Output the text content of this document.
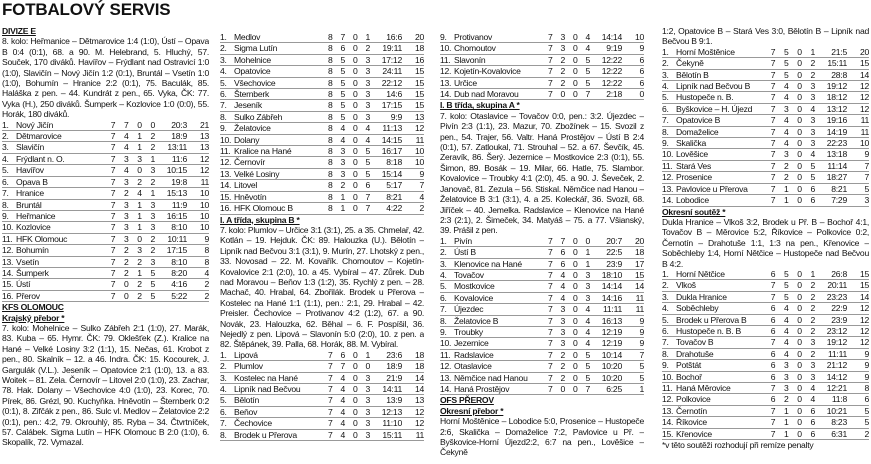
FOTBALOVÝ SERVIS
DIVIZE E
8. kolo: Heřmanice – Dětmarovice 1:4 (1:0), Ústí – Opava B 0:4 (0:1), 68. a 90. M. Helebrand, 5. Hluchý, 57. Souček, 170 diváků. Havířov – Frýdlant nad Ostravicí 1:0 (1:0), Slavičín – Nový Jičín 1:2 (0:1), Bruntál – Vsetín 1:0 (1:0), Bohumín – Hranice 2:2 (0:1), 75. Baculák, 85. Haláška z pen. – 44. Kundrát z pen., 65. Vyka, ČK: 77. Vyka (H.), 250 diváků. Šumperk – Kozlovice 1:0 (0:0), 55. Horák, 180 diváků.
1.	Nový Jičín	7	7	0	0	20:3	21
2.	Dětmarovice	7	4	1	2	18:9	13
3.	Slavičín	7	4	1	2	13:11	13
4.	Frýdlant n. O.	7	3	3	1	11:6	12
5.	Havířov	7	4	0	3	10:15	12
6.	Opava B	7	3	2	2	19:8	11
7.	Hranice	7	2	4	1	15:13	10
8.	Bruntál	7	3	1	3	11:9	10
9.	Heřmanice	7	3	1	3	16:15	10
10.	Kozlovice	7	3	1	3	8:10	10
11.	HFK Olomouc	7	3	0	2	10:11	9
12.	Bohumín	7	2	3	2	17:15	8
13.	Vsetín	7	2	2	3	8:10	8
14.	Šumperk	7	2	1	5	8:20	4
15.	Ústí	7	0	2	5	4:16	2
16.	Přerov	7	0	2	5	5:22	2
KFS OLOMOUC
Krajský přebor *
7. kolo: Mohelnice – Sulko Zábřeh 2:1 (1:0), 27. Marák, 83. Kuba – 65. Hymr. ČK: 79. Oklešťek (Z.). Kralice na Hané – Velké Losiny 3:2 (1:1), 15. Nečas, 61. Krobot z pen., 80. Skalník – 12. a 46. Indra. ČK: 15. Kocourek, J. Gargulák (V.L.). Jeseník – Opatovice 2:1 (1:0), 13. a 83. Woitek – 81. Zela. Černovír – Litovel 2:0 (1:0), 23. Zachar, 78. Hak. Dolany – Všechovice 4:0 (1:0), 23. Korec, 70. Pírek, 86. Grézl, 90. Kuchyňka. Hněvotín – Šternberk 0:2 (0:1), 8. Zifčák z pen., 86. Sulc vl. Medlov – Želatovice 2:2 (0:1), pen.: 4:2, 79. Okrouhlý, 85. Ryba – 34. Čtvrtníček, 57. Calábek. Sigma Lutín – HFK Olomouc B 2:0 (1:0), 6. Skopalík, 72. Vymazal.
1.	Medlov	8	7	0	1	16:6	20
2.	Sigma Lutín	8	6	0	2	19:11	18
3.	Mohelnice	8	5	0	3	17:12	16
4.	Opatovice	8	5	0	3	24:11	15
5.	Všechovice	8	5	0	3	22:12	15
6.	Šternberk	8	5	0	3	14:6	15
7.	Jeseník	8	5	0	3	17:15	15
8.	Sulko Zábřeh	8	5	0	3	9:9	13
9.	Želatovice	8	4	0	4	11:13	12
10.	Dolany	8	4	0	4	14:15	11
11.	Kralice na Hané	8	3	0	5	16:17	10
12.	Černovír	8	3	0	5	8:18	10
13.	Velké Losiny	8	3	0	5	15:14	9
14.	Litovel	8	2	0	6	5:17	7
15.	Hněvotín	8	1	0	7	8:21	4
16.	HFK Olomouc B	8	1	0	7	4:22	2
I. A třída, skupina B *
7. kolo: Plumlov – Určice 3:1 (3:1), 25. a 35. Chmelař, 42. Kotlán – 19. Hejduk. ČK: 89. Halouzka (U.). Bělotín – Lipník nad Bečvou 3:1 (3:1), 9. Murín, 27. Lhotský z pen., 33. Novosad – 22. M. Kovařík. Chomoutov – Kojetín-Kovalovice 2:1 (2:0), 10. a 45. Vybíral – 47. Zůrek. Dub nad Moravou – Beňov 1:3 (1:2), 35. Rychlý z pen. – 28. Machač, 40. Hrabal, 64. Zbořilák. Brodek u Přerova – Kostelec na Hané 1:1 (1:1), pen.: 2:1, 29. Hrabal – 42. Preisler. Čechovice – Protivanov 4:2 (1:2), 67. a 90. Novák, 23. Halouzka, 62. Běhal – 6. F. Pospíšil, 36. Nejedlý z pen. Lipová – Slavonín 5:0 (2:0), 10. z pen. a 82. Štěpánek, 39. Palla, 68. Horák, 88. M. Vybíral.
1.	Lipová	7	6	0	1	23:6	18
2.	Plumlov	7	7	0	0	18:9	18
3.	Kostelec na Hané	7	4	0	3	21:9	14
4.	Lipník nad Bečvou	7	4	0	3	14:11	14
5.	Bělotín	7	4	0	3	13:9	13
6.	Beňov	7	4	0	3	12:13	12
7.	Čechovice	7	4	0	3	11:10	12
8.	Brodek u Přerova	7	4	0	3	15:11	11
9.	Protivanov	7	3	0	4	14:14	10
10.	Chomoutov	7	3	0	4	9:19	9
11.	Slavonín	7	2	0	5	12:22	6
12.	Kojetín-Kovalovice	7	2	0	5	12:22	6
13.	Určice	7	2	0	5	12:22	6
14.	Dub nad Moravou	7	0	0	7	2:18	0
I. B třída, skupina A *
7. kolo: Otaslavice – Tovačov 0:0, pen.: 3:2. Újezdec – Pivín 2:3 (1:1), 23. Mazur, 70. Zbožínek – 15. Svozil z pen., 54. Trajer, 56. Valtr. Haná Prostějov – Ústí B 2:4 (0:1), 57. Zatloukal, 71. Strouhal – 52. a 67. Ševčík, 45. Zeravík, 86. Šerý. Jezernice – Mostkovice 2:3 (0:1), 55. Šimon, 89. Bosák – 19. Milar, 66. Hatle, 75. Slambor. Kovalovice – Troubky 4:1 (2:0), 45. a 90. J. Ševeček, 2. Janovač, 81. Zezula – 56. Stiskal. Němčice nad Hanou – Želatovice B 3:1 (3:1), 4. a 25. Koleckář, 36. Svozil, 68. Jiříček – 40. Jemelka. Radslavice – Klenovice na Hané 2:3 (2:1), 2. Šimeček, 34. Matyáš – 75. a 77. Všianský, 39. Prášil z pen.
1.	Pivín	7	7	0	0	20:7	20
2.	Ústí B	7	6	0	1	22:5	18
3.	Klenovice na Hané	7	6	0	1	23:9	17
4.	Tovačov	7	4	0	3	18:10	15
5.	Mostkovice	7	4	0	3	14:14	14
6.	Kovalovice	7	4	0	3	14:16	11
7.	Újezdec	7	3	0	4	11:11	11
8.	Želatovice B	7	3	0	4	16:13	9
9.	Troubky	7	3	0	4	12:19	9
10.	Jezernice	7	3	0	4	12:19	9
11.	Radslavice	7	2	0	5	10:14	7
12.	Otaslavice	7	2	0	5	10:20	5
13.	Němčice nad Hanou	7	2	0	5	10:20	5
14.	Haná Prostějov	7	0	0	7	6:25	1
OFS PŘEROV
Okresní přebor *
Horní Moštěnice – Lobodice 5:0, Prosenice – Hustopeče 2:6, Skalička – Domaželice 7:2, Pavlovice u Př. – Byškovice-Horní Újezd2:2, 6:7 na pen., Lověšice – Čekyně
1:2, Opatovice B – Stará Ves 3:0, Bělotín B – Lipník nad Bečvou B 9:1.
1.	Horní Moštěnice	7	5	0	1	21:5	20
2.	Čekyně	7	5	0	2	15:11	15
3.	Bělotín B	7	5	0	2	28:8	14
4.	Lipník nad Bečvou B	7	4	0	3	19:12	12
5.	Hustopeče n. B.	7	4	0	3	18:12	12
6.	Byškovice – H. Újezd	7	3	0	4	13:12	12
7.	Opatovice B	7	4	0	3	19:16	11
8.	Domaželice	7	4	0	3	14:19	11
9.	Skalička	7	4	0	3	22:23	10
10.	Lověšice	7	3	0	4	13:18	9
11.	Stará Ves	7	2	0	5	11:14	7
12.	Prosenice	7	2	0	5	18:27	7
13.	Pavlovice u Přerova	7	1	0	6	8:21	5
14.	Lobodice	7	1	0	6	7:29	3
Okresní soutěž *
Dukla Hranice – Vlkoš 3:2, Brodek u Př. B – Bochoř 4:1, Tovačov B – Měrovice 5:2, Říkovice – Polkovice 0:2, Černotín – Drahotuše 1:1, 1:3 na pen., Křenovice – Soběchleby 1:4, Horní Nětčice – Hustopeče nad Bečvou B 4:2.
1.	Horní Nětčice	6	5	0	1	26:8	15
2.	Vlkoš	7	5	0	2	20:11	15
3.	Dukla Hranice	7	5	0	2	23:23	14
4.	Soběchleby	6	4	0	2	22:9	12
5.	Brodek u Přerova B	6	4	0	2	23:9	12
6.	Hustopeče n. B. B	6	4	0	2	23:12	12
7.	Tovačov B	7	4	0	3	19:12	12
8.	Drahotuše	6	4	0	2	11:11	9
9.	Potštát	6	3	0	3	21:12	9
10.	Bochoř	6	3	0	3	14:12	9
11.	Haná Měrovice	7	3	0	4	12:21	8
12.	Polkovice	6	2	0	4	11:8	6
13.	Černotín	7	1	0	6	10:21	5
14.	Říkovice	7	1	0	6	8:23	5
15.	Křenovice	7	1	0	6	6:31	2
*v těto soutěži rozhodují při remíze penalty
